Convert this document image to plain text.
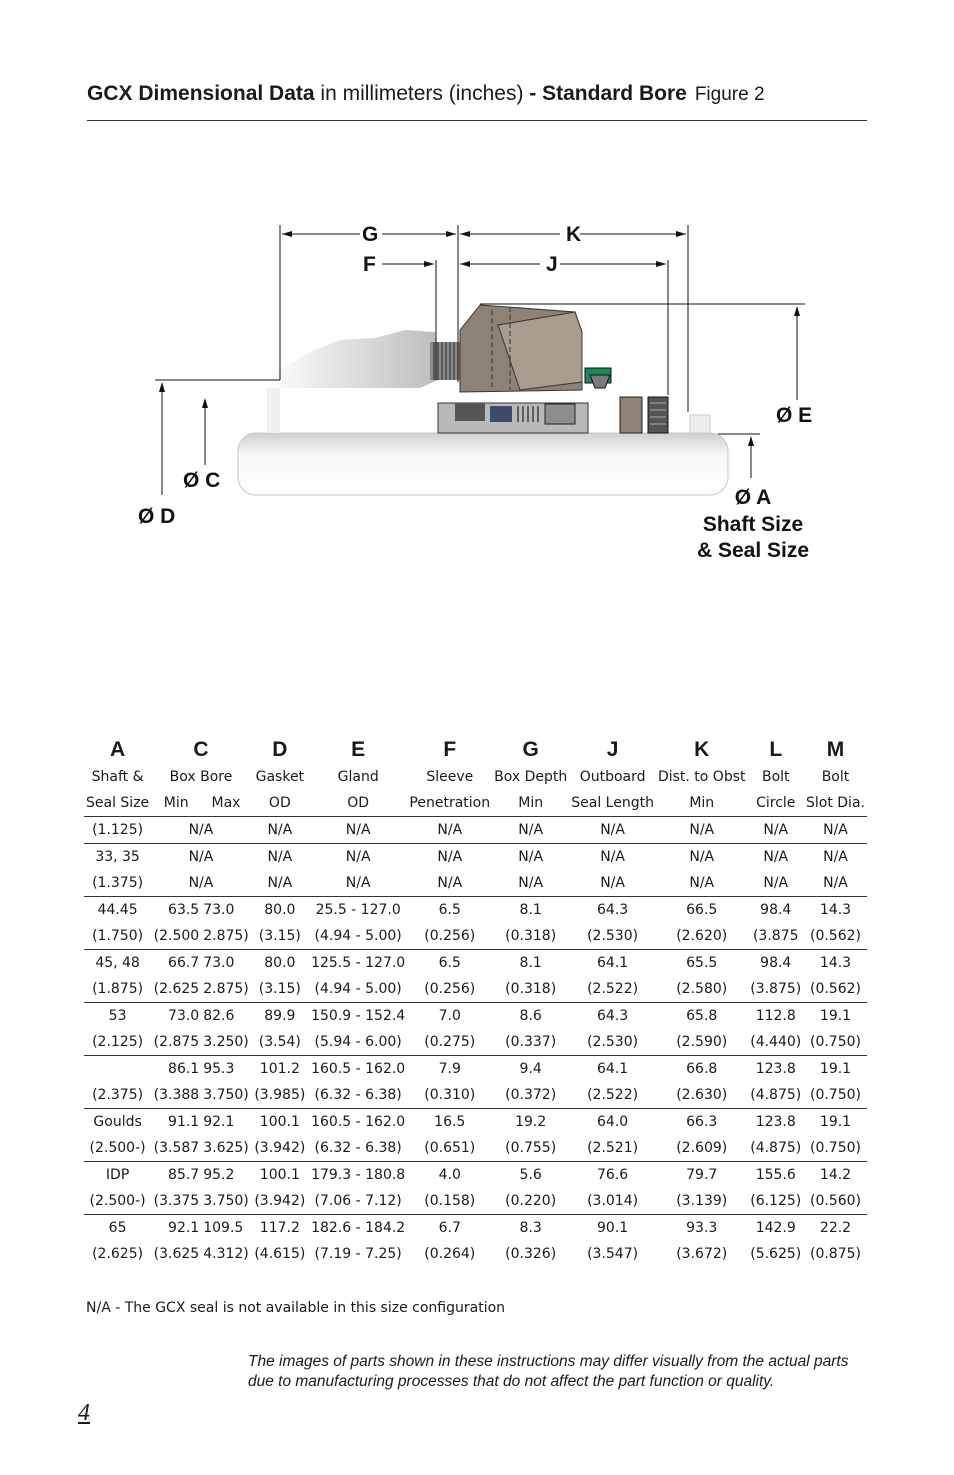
GCX Dimensional Data in millimeters (inches) - Standard Bore Figure 2
G	K
F	J
Ø E
Ø C
Ø D
Ø A
Shaft Size
& Seal Size
A	C		D	E	F	G	J	K	L	M
Shaft &	Box Bore		Gasket	Gland	Sleeve	Box Depth	Outboard	Dist. to Obst	Bolt	Bolt
Seal Size	Min	Max	OD	OD	Penetration	Min	Seal Length	Min	Circle	Slot Dia.
(1.125)	N/A		N/A	N/A	N/A	N/A	N/A	N/A	N/A	N/A
33, 35	N/A		N/A	N/A	N/A	N/A	N/A	N/A	N/A	N/A
(1.375)	N/A		N/A	N/A	N/A	N/A	N/A	N/A	N/A	N/A
44.45	63.5	73.0	80.0	25.5 - 127.0	6.5	8.1	64.3	66.5	98.4	14.3
(1.750)	(2.500	2.875)	(3.15)	(4.94 - 5.00)	(0.256)	(0.318)	(2.530)	(2.620)	(3.875	(0.562)
45, 48	66.7	73.0	80.0	125.5 - 127.0	6.5	8.1	64.1	65.5	98.4	14.3
(1.875)	(2.625	2.875)	(3.15)	(4.94 - 5.00)	(0.256)	(0.318)	(2.522)	(2.580)	(3.875)	(0.562)
53	73.0	82.6	89.9	150.9 - 152.4	7.0	8.6	64.3	65.8	112.8	19.1
(2.125)	(2.875	3.250)	(3.54)	(5.94 - 6.00)	(0.275)	(0.337)	(2.530)	(2.590)	(4.440)	(0.750)
	86.1	95.3	101.2	160.5 - 162.0	7.9	9.4	64.1	66.8	123.8	19.1
(2.375)	(3.388	3.750)	(3.985)	(6.32 - 6.38)	(0.310)	(0.372)	(2.522)	(2.630)	(4.875)	(0.750)
Goulds	91.1	92.1	100.1	160.5 - 162.0	16.5	19.2	64.0	66.3	123.8	19.1
(2.500-)	(3.587	3.625)	(3.942)	(6.32 - 6.38)	(0.651)	(0.755)	(2.521)	(2.609)	(4.875)	(0.750)
IDP	85.7	95.2	100.1	179.3 - 180.8	4.0	5.6	76.6	79.7	155.6	14.2
(2.500-)	(3.375	3.750)	(3.942)	(7.06 - 7.12)	(0.158)	(0.220)	(3.014)	(3.139)	(6.125)	(0.560)
65	92.1	109.5	117.2	182.6 - 184.2	6.7	8.3	90.1	93.3	142.9	22.2
(2.625)	(3.625	4.312)	(4.615)	(7.19 - 7.25)	(0.264)	(0.326)	(3.547)	(3.672)	(5.625)	(0.875)
N/A - The GCX seal is not available in this size configuration
The images of parts shown in these instructions may differ visually from the actual parts due to manufacturing processes that do not affect the part function or quality.
4
